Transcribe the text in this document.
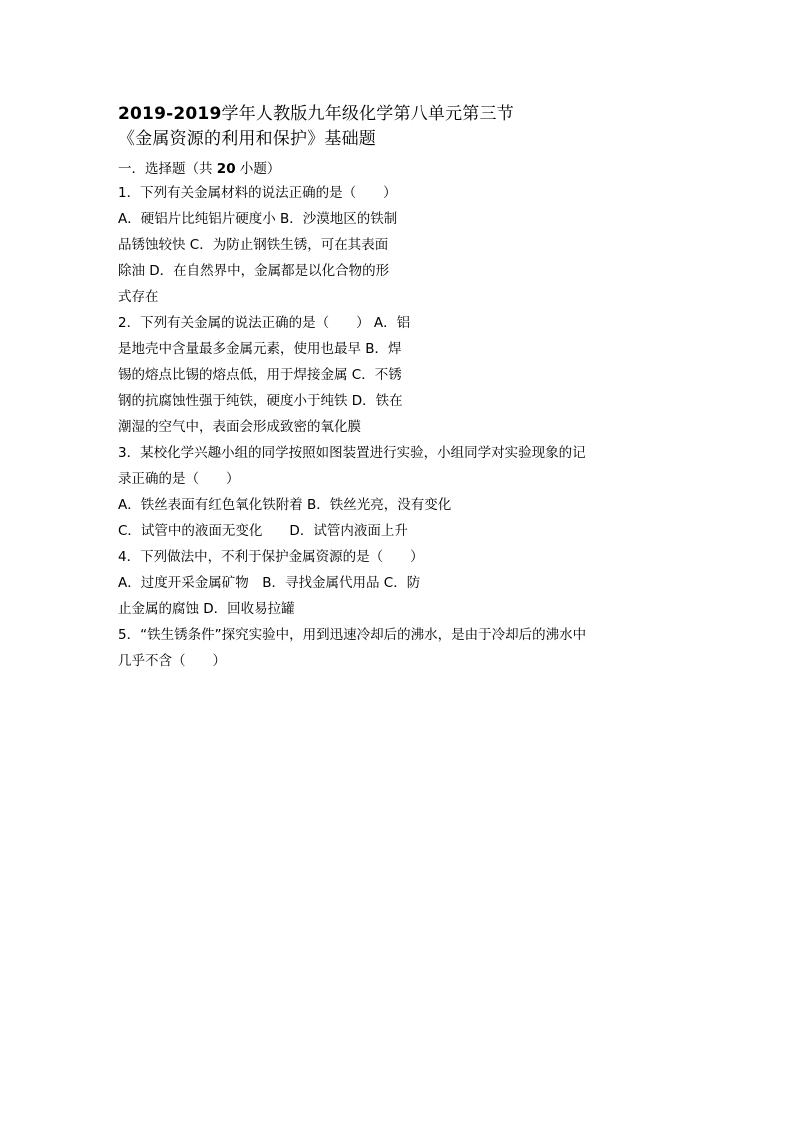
2019-2019学年人教版九年级化学第八单元第三节
《金属资源的利用和保护》基础题
一．选择题（共 20 小题）
1．下列有关金属材料的说法正确的是（　　）
A．硬铝片比纯铝片硬度小 B．沙漠地区的铁制
品锈蚀较快 C．为防止钢铁生锈，可在其表面
除油 D．在自然界中，金属都是以化合物的形
式存在
2．下列有关金属的说法正确的是（　　） A．铝
是地壳中含量最多金属元素，使用也最早 B．焊
锡的熔点比锡的熔点低，用于焊接金属 C．不锈
钢的抗腐蚀性强于纯铁，硬度小于纯铁 D．铁在
潮湿的空气中，表面会形成致密的氧化膜
3．某校化学兴趣小组的同学按照如图装置进行实验，小组同学对实验现象的记
录正确的是（　　）
A．铁丝表面有红色氧化铁附着 B．铁丝光亮，没有变化
C．试管中的液面无变化　　D．试管内液面上升
4．下列做法中，不利于保护金属资源的是（　　）
A．过度开采金属矿物　B．寻找金属代用品 C．防
止金属的腐蚀 D．回收易拉罐
5．“铁生锈条件”探究实验中，用到迅速冷却后的沸水，是由于冷却后的沸水中
几乎不含（　　）
